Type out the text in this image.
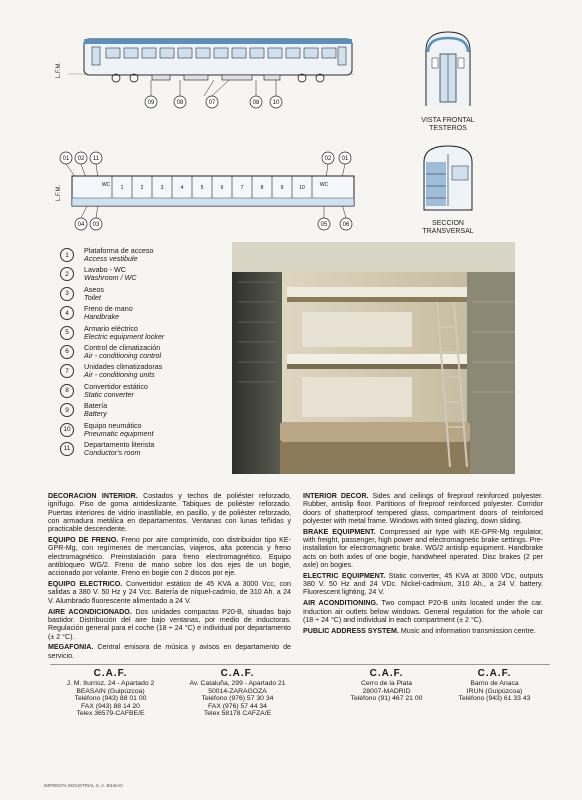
L.F.M.
09	08	07	08 10
VISTA FRONTAL
TESTEROS
L.F.M.
01 02 11	02 01
04 03	05	06
WC	WC
1	2	3	4	5	6	7	8	9	10
SECCION
TRANSVERSAL
1	Plataforma de acceso
Access vestibule
2	Lavabo - WC
Washroom / WC
3	Aseos
Toilet
4	Freno de mano
Handbrake
5	Armario eléctrico
Electric equipment locker
6	Control de climatización
Air - conditioning control
7	Unidades climatizadoras
Air - conditioning units
8	Convertidor estático
Static converter
9	Batería
Battery
10	Equipo neumático
Pneumatic equipment
11	Departamento literista
Conductor's room

DECORACION INTERIOR. Costados y techos de poliéster reforzado, ignífugo. Piso de goma antideslizante. Tabiques de poliéster reforzado. Puertas interiores de vidrio inastillable, en pasillo, y de poliéster reforzado, con armadura metálica en departamentos. Ventanas con lunas teñidas y practicable descendente.

EQUIPO DE FRENO. Freno por aire comprimido, con distribuidor tipo KE-GPR-Mg, con regímenes de mercancías, viajeros, alta potencia y freno electromagnético. Preinstalación para freno electromagnético. Equipo antibloqueo WG/2. Freno de mano sobre los dos ejes de un bogie, accionado por volante. Freno en bogie con 2 discos por eje.

EQUIPO ELECTRICO. Convertidor estático de 45 KVA a 3000 Vcc, con salidas a 380 V. 50 Hz y 24 Vcc. Batería de níquel-cadmio, de 310 Ah. a 24 V. Alumbrado fluorescente alimentado a 24 V.

AIRE ACONDICIONADO. Dos unidades compactas P20-B, situadas bajo bastidor. Distribución del aire bajo ventanas, por medio de inductoras. Regulación general para el coche (18 ÷ 24 °C) e individual por departamento (± 2 °C).

MEGAFONIA. Central emisora de música y avisos en departamento de servicio.

INTERIOR DECOR. Sides and ceilings of fireproof reinforced polyester. Rubber, antislip floor. Partitions of fireproof reinforced polyester. Corridor doors of shatterproof tempered glass, compartment doors of reinforced polyester with metal frame. Windows with tinted glazing, down sliding.

BRAKE EQUIPMENT. Compressed air type with KE-GPR-Mg regulator, with freight, passenger, high power and electromagnetic brake settings. Pre-installation for electromagnetic brake. WG/2 antislip equipment. Handbrake acts on both axles of one bogie, handwheel operated. Disc brakes (2 per axle) on bogies.

ELECTRIC EQUIPMENT. Static converter, 45 KVA at 3000 VDc, outputs 380 V. 50 Hz and 24 VDc. Nickel-cadmium, 310 Ah., a 24 V. battery. Fluorescent lighting, 24 V.

AIR ACONDITIONING. Two compact P20-B units located under the car. Induction air outlets below windows. General regulation for the whole car (18 ÷ 24 °C) and individual in each compartment (± 2 °C).

PUBLIC ADDRESS SYSTEM. Music and information transmission centre.

C.A.F.
J. M. Iturrioz, 24 - Apartado 2
BEASAIN (Guipúzcoa)
Teléfono (943) 88 01 00
FAX (943) 88 14 20
Telex 36579-CAFBE/E
C.A.F.
Av. Cataluña, 299 - Apartado 21
50014-ZARAGOZA
Teléfono (976) 57 30 34
FAX (976) 57 44 34
Telex 58178 CAFZA/E
C.A.F.
Cerro de la Plata
28007-MADRID
Teléfono (91) 467 21 00
C.A.F.
Barrio de Anaca
IRUN (Guipúzcoa)
Teléfono (943) 61 33 43
IMPRENTA INDUSTRIAL S. A. BILBAO
